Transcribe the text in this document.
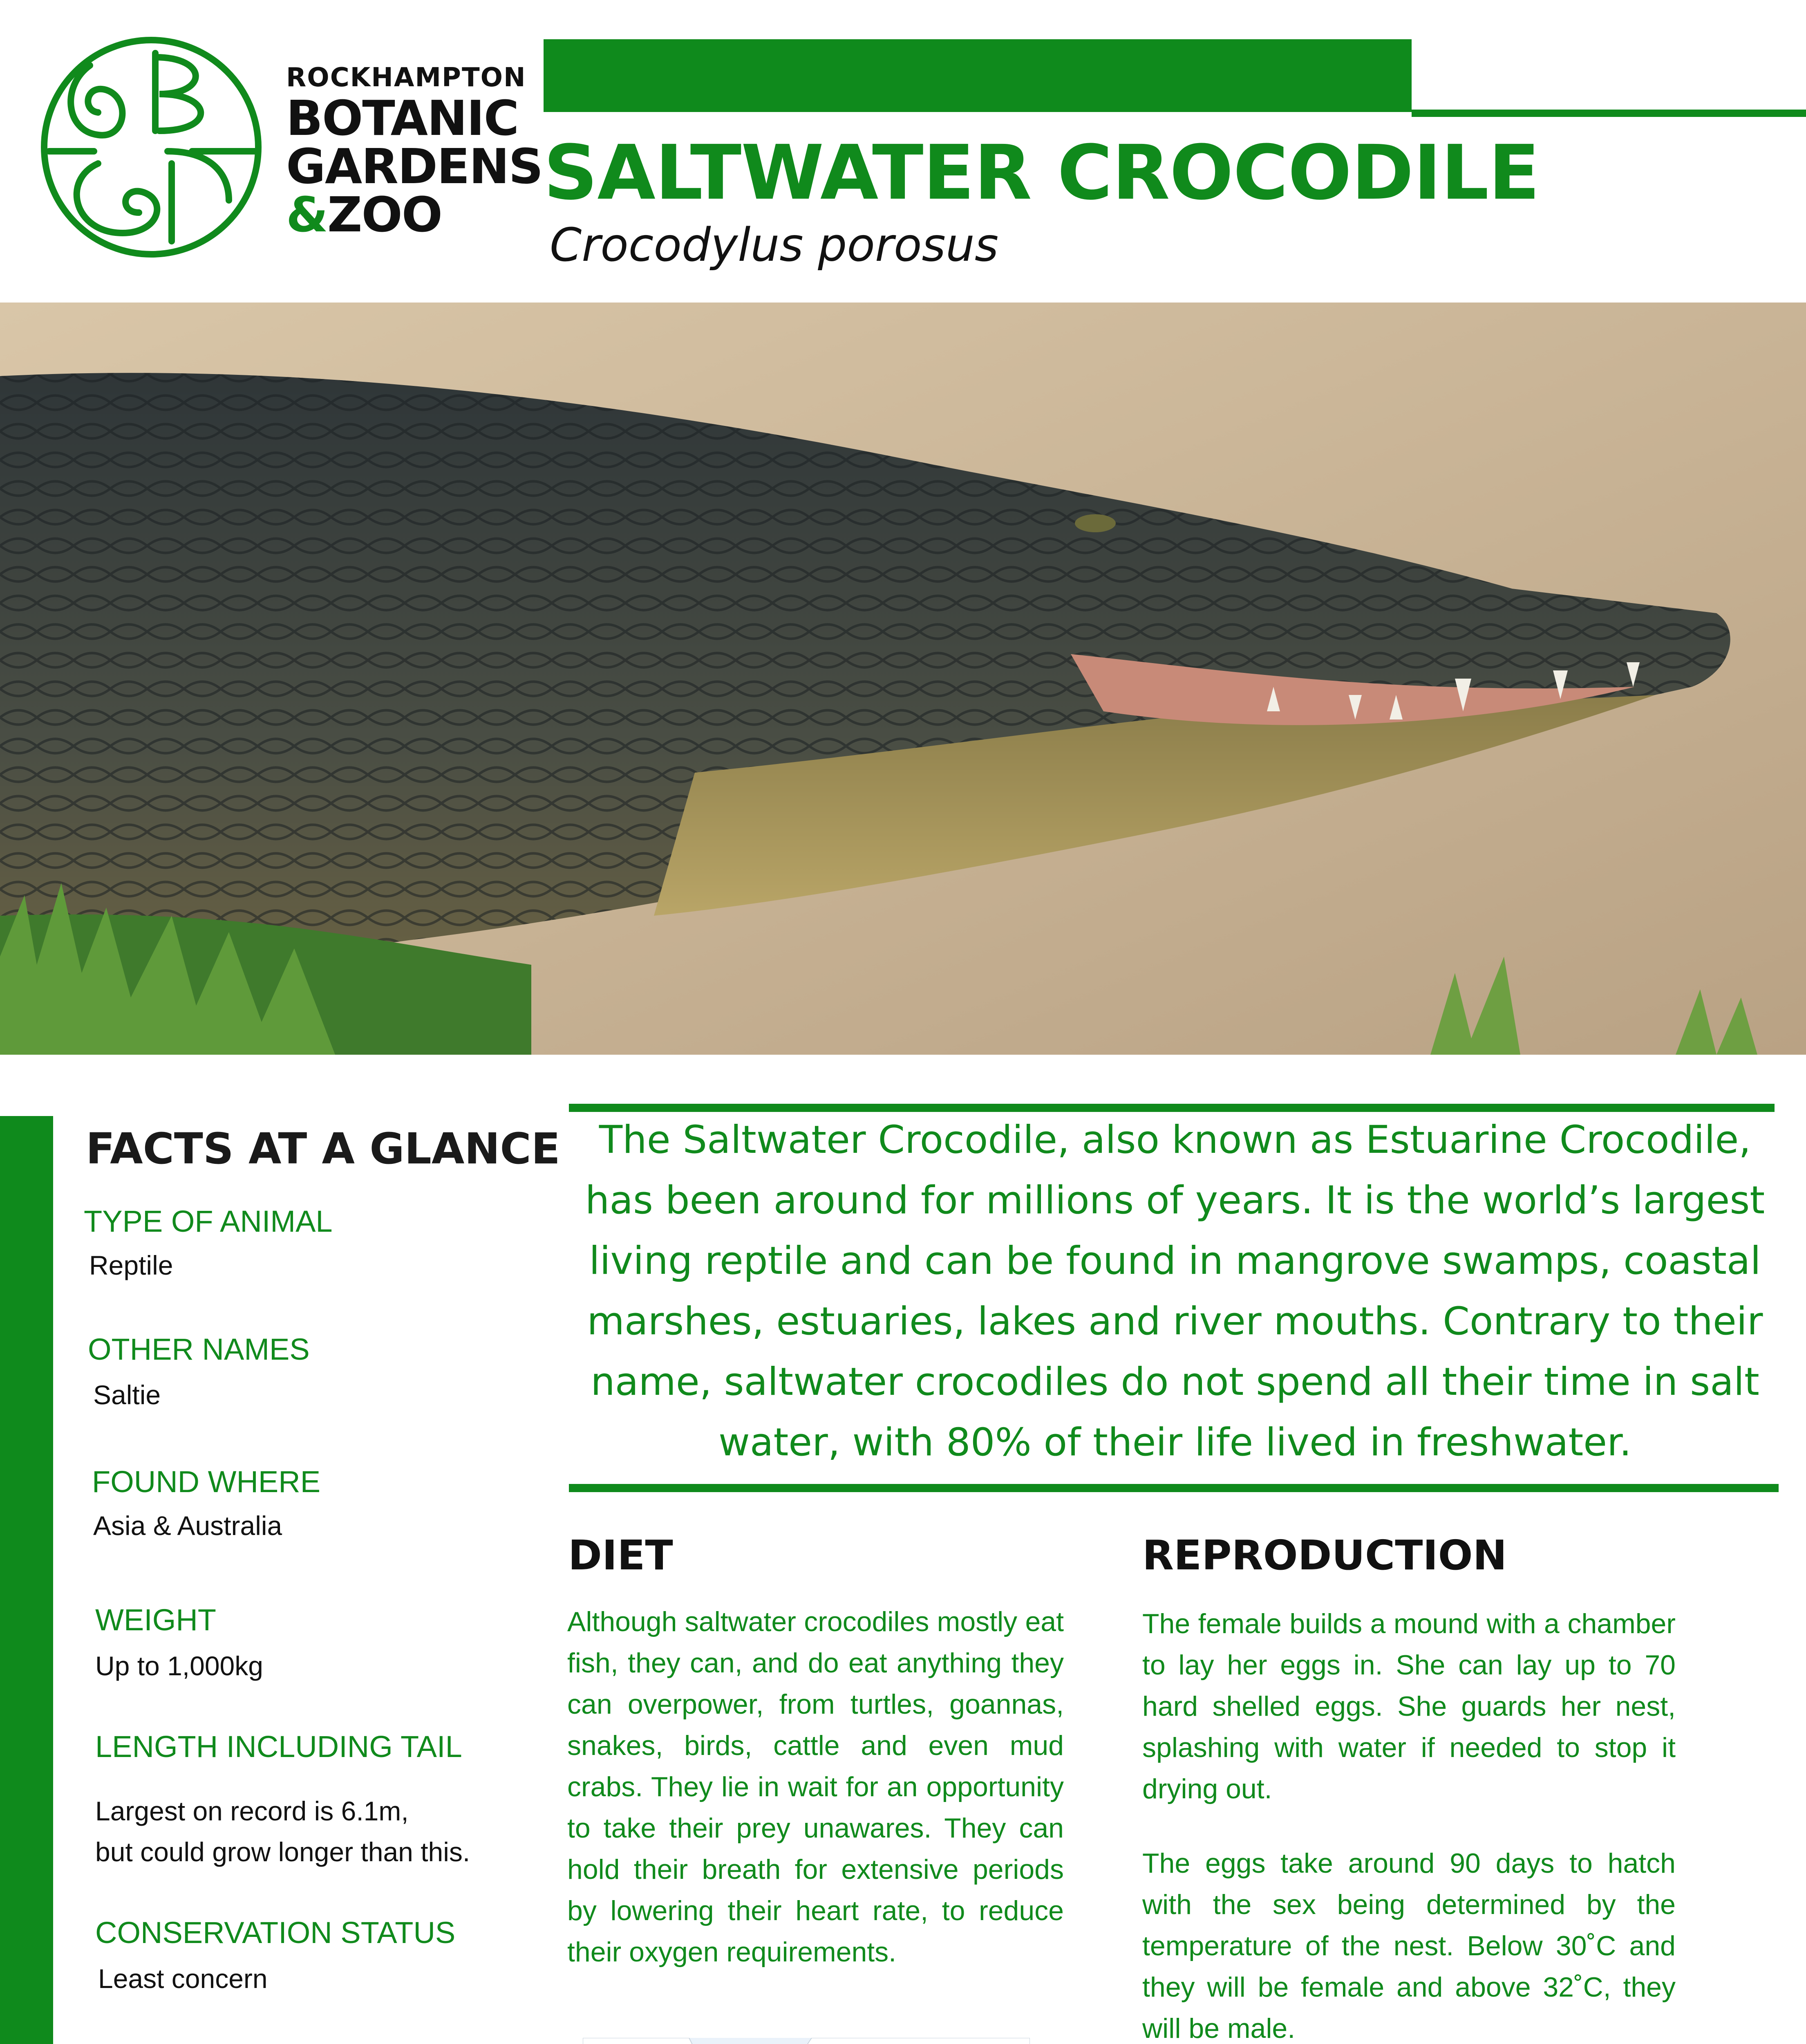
ROCKHAMPTON
BOTANIC
GARDENS
&ZOO	SALTWATER CROCODILE
Crocodylus porosus
FACTS AT A GLANCE
TYPE OF ANIMAL
Reptile
OTHER NAMES
Saltie
FOUND WHERE
Asia & Australia
WEIGHT
Up to 1,000kg
LENGTH INCLUDING TAIL
Largest on record is 6.1m,
but could grow longer than this.
CONSERVATION STATUS
Least concern
The Saltwater Crocodile, also known as Estuarine Crocodile, has been around for millions of years. It is the world’s largest living reptile and can be found in mangrove swamps, coastal marshes, estuaries, lakes and river mouths. Contrary to their name, saltwater crocodiles do not spend all their time in salt water, with 80% of their life lived in freshwater.
DIET
Although saltwater crocodiles mostly eat fish, they can, and do eat anything they can overpower, from turtles, goannas, snakes, birds, cattle and even mud crabs. They lie in wait for an opportunity to take their prey unawares. They can hold their breath for extensive periods by lowering their heart rate, to reduce their oxygen requirements.
REPRODUCTION
The female builds a mound with a chamber to lay her eggs in. She can lay up to 70 hard shelled eggs. She guards her nest, splashing with water if needed to stop it drying out.
The eggs take around 90 days to hatch with the sex being determined by the temperature of the nest. Below 30˚C and they will be female and above 32˚C, they will be male.
